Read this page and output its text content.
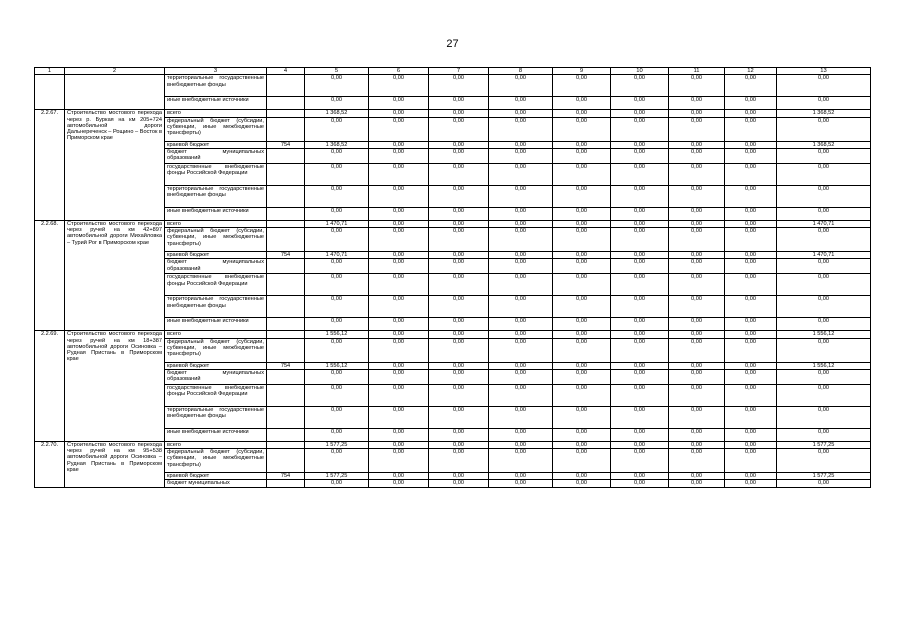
27
1	2	3	4	5	6	7	8	9	10	11	12	13
		территориальные государственные внебюджетные фонды		0,00	0,00	0,00	0,00	0,00	0,00	0,00	0,00	0,00
		иные внебюджетные источники		0,00	0,00	0,00	0,00	0,00	0,00	0,00	0,00	0,00
2.2.67.	Строительство мостового перехода через р. Буркая на км 205+724 автомобильной дороги Дальнереченск – Рощино – Восток в Приморском крае	всего		1 368,52	0,00	0,00	0,00	0,00	0,00	0,00	0,00	1 368,52
		федеральный бюджет (субсидии, субвенции, иные межбюджетные трансферты)		0,00	0,00	0,00	0,00	0,00	0,00	0,00	0,00	0,00
		краевой бюджет	754	1 368,52	0,00	0,00	0,00	0,00	0,00	0,00	0,00	1 368,52
		бюджет муниципальных образований		0,00	0,00	0,00	0,00	0,00	0,00	0,00	0,00	0,00
		государственные внебюджетные фонды Российской Федерации		0,00	0,00	0,00	0,00	0,00	0,00	0,00	0,00	0,00
		территориальные государственные внебюджетные фонды		0,00	0,00	0,00	0,00	0,00	0,00	0,00	0,00	0,00
		иные внебюджетные источники		0,00	0,00	0,00	0,00	0,00	0,00	0,00	0,00	0,00
2.2.68.	Строительство мостового перехода через ручей на км 42+897 автомобильной дороги Михайловка – Турий Рог в Приморском крае	всего		1 470,71	0,00	0,00	0,00	0,00	0,00	0,00	0,00	1 470,71
		федеральный бюджет (субсидии, субвенции, иные межбюджетные трансферты)		0,00	0,00	0,00	0,00	0,00	0,00	0,00	0,00	0,00
		краевой бюджет	754	1 470,71	0,00	0,00	0,00	0,00	0,00	0,00	0,00	1 470,71
		бюджет муниципальных образований		0,00	0,00	0,00	0,00	0,00	0,00	0,00	0,00	0,00
		государственные внебюджетные фонды Российской Федерации		0,00	0,00	0,00	0,00	0,00	0,00	0,00	0,00	0,00
		территориальные государственные внебюджетные фонды		0,00	0,00	0,00	0,00	0,00	0,00	0,00	0,00	0,00
		иные внебюджетные источники		0,00	0,00	0,00	0,00	0,00	0,00	0,00	0,00	0,00
2.2.69.	Строительство мостового перехода через ручей на км 18+387 автомобильной дороги Осиновка – Рудная Пристань в Приморском крае	всего		1 556,12	0,00	0,00	0,00	0,00	0,00	0,00	0,00	1 556,12
		федеральный бюджет (субсидии, субвенции, иные межбюджетные трансферты)		0,00	0,00	0,00	0,00	0,00	0,00	0,00	0,00	0,00
		краевой бюджет	754	1 556,12	0,00	0,00	0,00	0,00	0,00	0,00	0,00	1 556,12
		бюджет муниципальных образований		0,00	0,00	0,00	0,00	0,00	0,00	0,00	0,00	0,00
		государственные внебюджетные фонды Российской Федерации		0,00	0,00	0,00	0,00	0,00	0,00	0,00	0,00	0,00
		территориальные государственные внебюджетные фонды		0,00	0,00	0,00	0,00	0,00	0,00	0,00	0,00	0,00
		иные внебюджетные источники		0,00	0,00	0,00	0,00	0,00	0,00	0,00	0,00	0,00
2.2.70.	Строительство мостового перехода через ручей на км 95+538 автомобильной дороги Осиновка – Рудная Пристань в Приморском крае	всего		1 577,25	0,00	0,00	0,00	0,00	0,00	0,00	0,00	1 577,25
		федеральный бюджет (субсидии, субвенции, иные межбюджетные трансферты)		0,00	0,00	0,00	0,00	0,00	0,00	0,00	0,00	0,00
		краевой бюджет	754	1 577,25	0,00	0,00	0,00	0,00	0,00	0,00	0,00	1 577,25
		бюджет муниципальных		0,00	0,00	0,00	0,00	0,00	0,00	0,00	0,00	0,00
